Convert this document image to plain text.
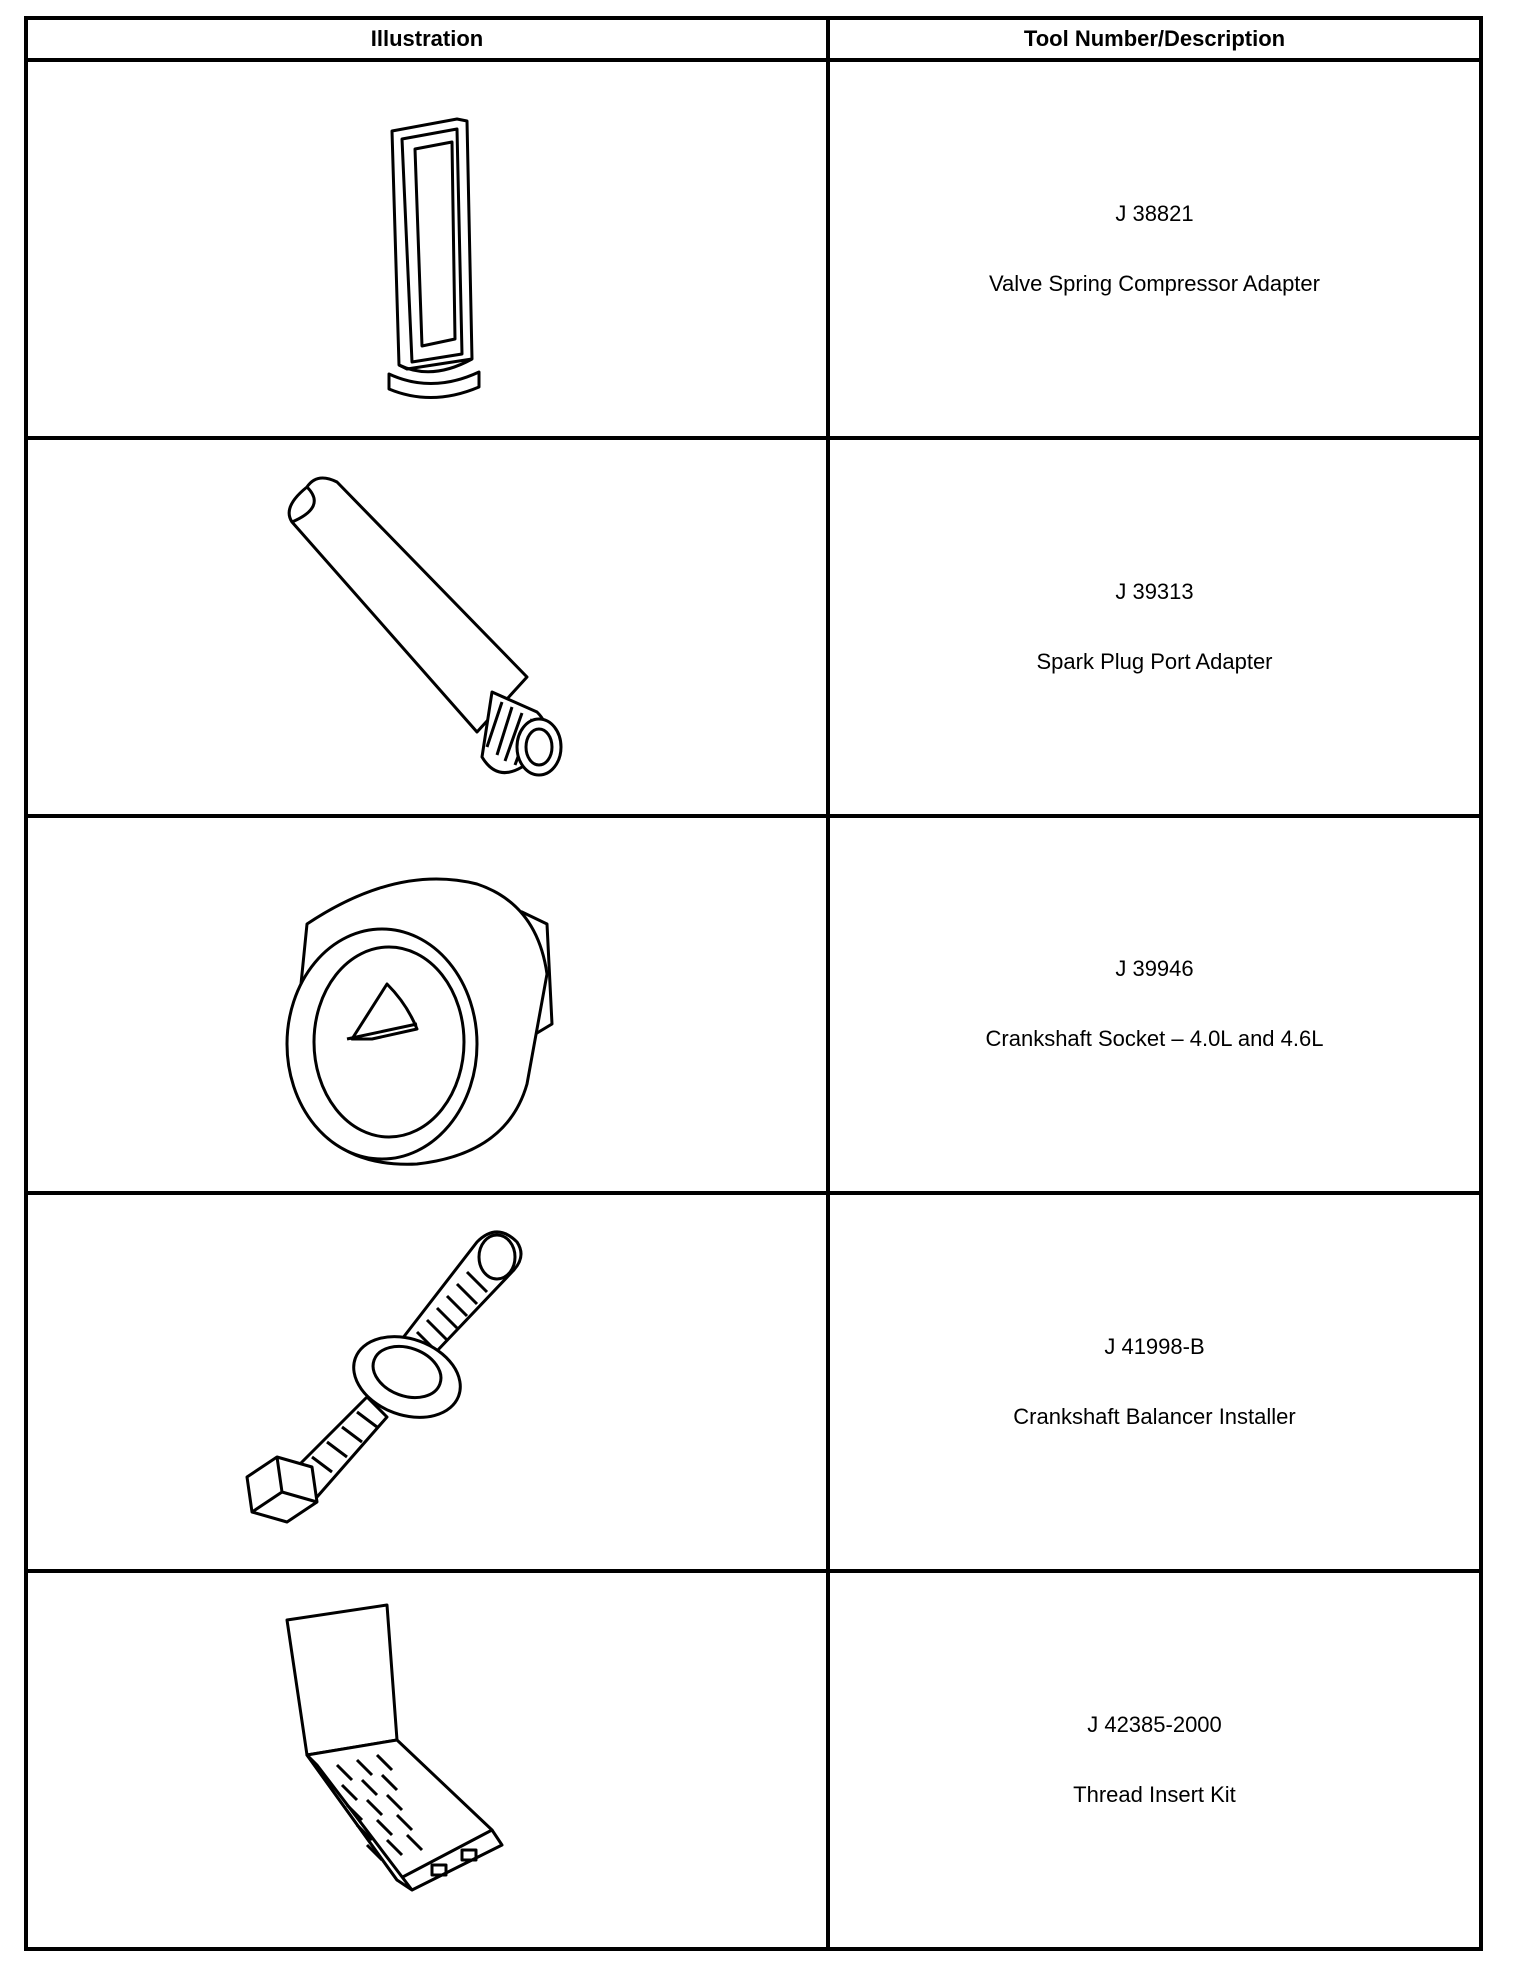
Illustration	Tool Number/Description
J 38821
Valve Spring Compressor Adapter
J 39313
Spark Plug Port Adapter
J 39946
Crankshaft Socket – 4.0L and 4.6L
J 41998-B
Crankshaft Balancer Installer
J 42385-2000
Thread Insert Kit
